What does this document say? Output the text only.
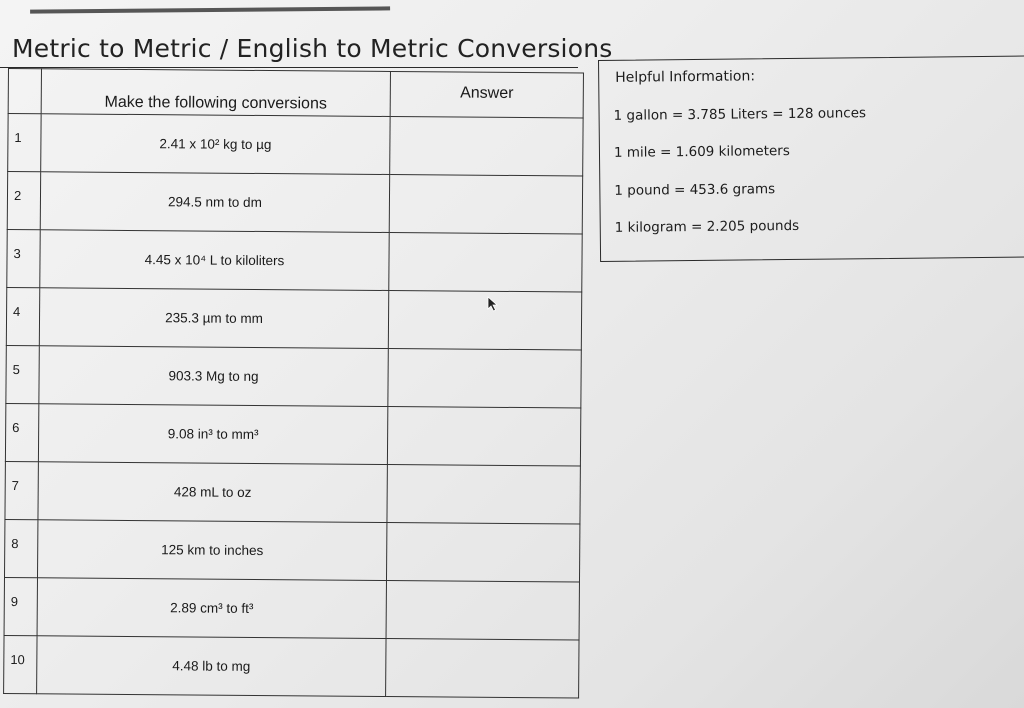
Metric to Metric / English to Metric Conversions
	Make the following conversions	Answer
1	2.41 x 10² kg to µg	
2	294.5 nm to dm	
3	4.45 x 10⁴ L to kiloliters	
4	235.3 µm to mm	
5	903.3 Mg to ng	
6	9.08 in³ to mm³	
7	428 mL to oz	
8	125 km to inches	
9	2.89 cm³ to ft³	
10	4.48 lb to mg	
Helpful Information:
1 gallon = 3.785 Liters = 128 ounces
1 mile = 1.609 kilometers
1 pound = 453.6 grams
1 kilogram = 2.205 pounds
